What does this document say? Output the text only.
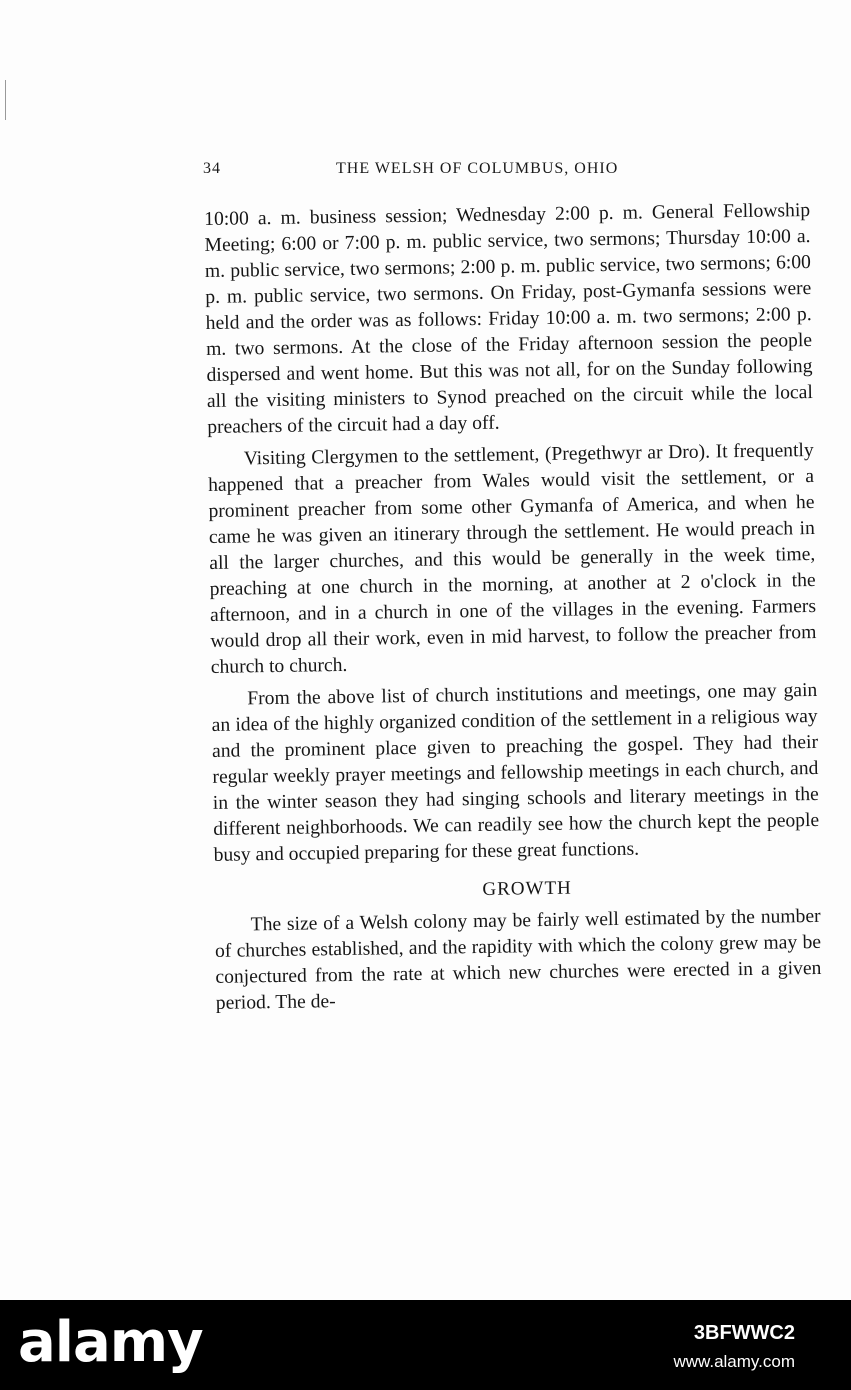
34	THE WELSH OF COLUMBUS, OHIO

10:00 a. m. business session; Wednesday 2:00 p. m. General Fellowship Meeting; 6:00 or 7:00 p. m. public service, two sermons; Thursday 10:00 a. m. public service, two sermons; 2:00 p. m. public service, two sermons; 6:00 p. m. public service, two sermons. On Friday, post-Gymanfa sessions were held and the order was as follows: Friday 10:00 a. m. two sermons; 2:00 p. m. two sermons. At the close of the Friday afternoon session the people dispersed and went home. But this was not all, for on the Sunday following all the visiting ministers to Synod preached on the circuit while the local preachers of the circuit had a day off.

Visiting Clergymen to the settlement, (Pregethwyr ar Dro). It frequently happened that a preacher from Wales would visit the settlement, or a prominent preacher from some other Gymanfa of America, and when he came he was given an itinerary through the settlement. He would preach in all the larger churches, and this would be generally in the week time, preaching at one church in the morning, at another at 2 o'clock in the afternoon, and in a church in one of the villages in the evening. Farmers would drop all their work, even in mid harvest, to follow the preacher from church to church.

From the above list of church institutions and meetings, one may gain an idea of the highly organized condition of the settlement in a religious way and the prominent place given to preaching the gospel. They had their regular weekly prayer meetings and fellowship meetings in each church, and in the winter season they had singing schools and literary meetings in the different neighborhoods. We can readily see how the church kept the people busy and occupied preparing for these great functions.

GROWTH

The size of a Welsh colony may be fairly well estimated by the number of churches established, and the rapidity with which the colony grew may be conjectured from the rate at which new churches were erected in a given period. The de-

alamy	3BFWWC2
www.alamy.com
